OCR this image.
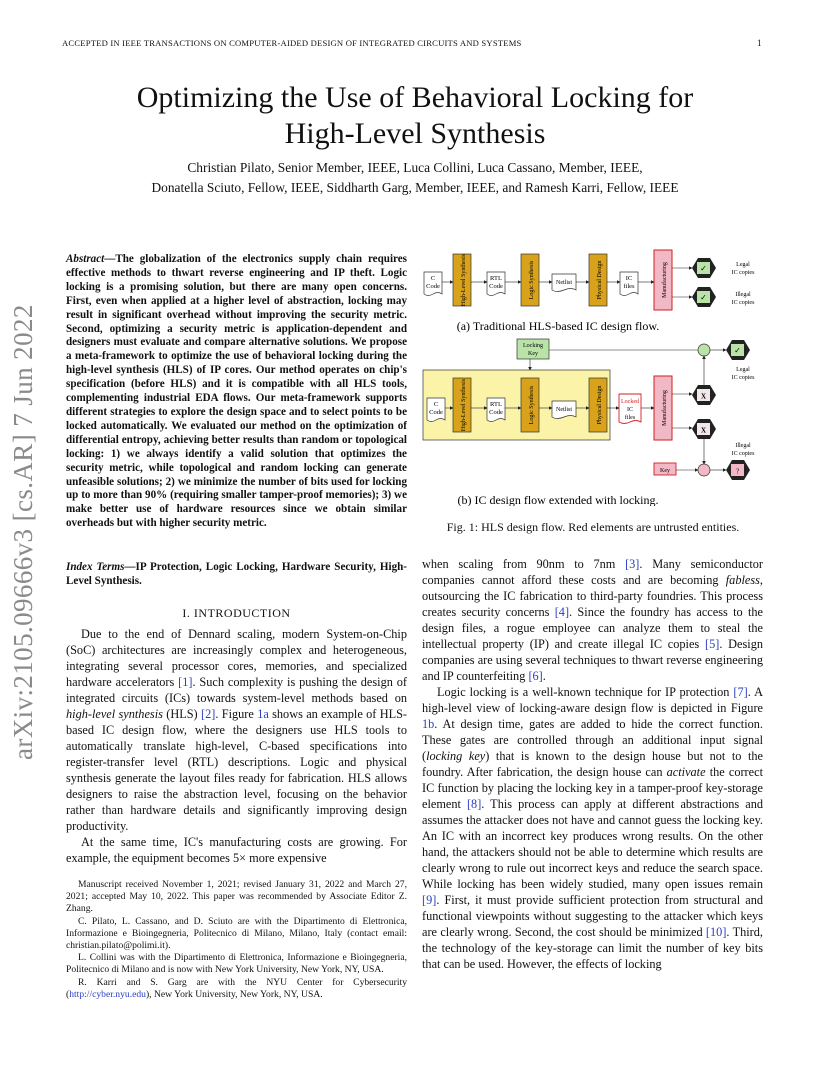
ACCEPTED IN IEEE TRANSACTIONS ON COMPUTER-AIDED DESIGN OF INTEGRATED CIRCUITS AND SYSTEMS	1
Optimizing the Use of Behavioral Locking for
High-Level Synthesis
Christian Pilato, Senior Member, IEEE, Luca Collini, Luca Cassano, Member, IEEE,
Donatella Sciuto, Fellow, IEEE, Siddharth Garg, Member, IEEE, and Ramesh Karri, Fellow, IEEE
arXiv:2105.09666v3 [cs.AR] 7 Jun 2022
Abstract—The globalization of the electronics supply chain requires effective methods to thwart reverse engineering and IP theft. Logic locking is a promising solution, but there are many open concerns. First, even when applied at a higher level of abstraction, locking may result in significant overhead without improving the security metric. Second, optimizing a security metric is application-dependent and designers must evaluate and compare alternative solutions. We propose a meta-framework to optimize the use of behavioral locking during the high-level synthesis (HLS) of IP cores. Our method operates on chip's specification (before HLS) and it is compatible with all HLS tools, complementing industrial EDA flows. Our meta-framework supports different strategies to explore the design space and to select points to be locked automatically. We evaluated our method on the optimization of differential entropy, achieving better results than random or topological locking: 1) we always identify a valid solution that optimizes the security metric, while topological and random locking can generate unfeasible solutions; 2) we minimize the number of bits used for locking up to more than 90% (requiring smaller tamper-proof memories); 3) we make better use of hardware resources since we obtain similar overheads but with higher security metric.
Index Terms—IP Protection, Logic Locking, Hardware Security, High-Level Synthesis.
I. INTRODUCTION

Due to the end of Dennard scaling, modern System-on-Chip (SoC) architectures are increasingly complex and heterogeneous, integrating several processor cores, memories, and specialized hardware accelerators [1]. Such complexity is pushing the design of integrated circuits (ICs) towards system-level methods based on high-level synthesis (HLS) [2]. Figure 1a shows an example of HLS-based IC design flow, where the designers use HLS tools to automatically translate high-level, C-based specifications into register-transfer level (RTL) descriptions. Logic and physical synthesis generate the layout files ready for fabrication. HLS allows designers to raise the abstraction level, focusing on the behavior rather than hardware details and significantly improving design productivity.

At the same time, IC's manufacturing costs are growing. For example, the equipment becomes 5× more expensive

Manuscript received November 1, 2021; revised January 31, 2022 and March 27, 2021; accepted May 10, 2022. This paper was recommended by Associate Editor Z. Zhang.

C. Pilato, L. Cassano, and D. Sciuto are with the Dipartimento di Elettronica, Informazione e Bioingegneria, Politecnico di Milano, Milano, Italy (contact email: christian.pilato@polimi.it).

L. Collini was with the Dipartimento di Elettronica, Informazione e Bioingegneria, Politecnico di Milano and is now with New York University, New York, NY, USA.

R. Karri and S. Garg are with the NYU Center for Cybersecurity (http://cyber.nyu.edu), New York University, New York, NY, USA.

when scaling from 90nm to 7nm [3]. Many semiconductor companies cannot afford these costs and are becoming fabless, outsourcing the IC fabrication to third-party foundries. This process creates security concerns [4]. Since the foundry has access to the design files, a rogue employee can analyze them to steal the intellectual property (IP) and create illegal IC copies [5]. Design companies are using several techniques to thwart reverse engineering and IP counterfeiting [6].

Logic locking is a well-known technique for IP protection [7]. A high-level view of locking-aware design flow is depicted in Figure 1b. At design time, gates are added to hide the correct function. These gates are controlled through an additional input signal (locking key) that is known to the design house but not to the foundry. After fabrication, the design house can activate the correct IC function by placing the locking key in a tamper-proof key-storage element [8]. This process can apply at different abstractions and assumes the attacker does not have and cannot guess the locking key. An IC with an incorrect key produces wrong results. On the other hand, the attackers should not be able to determine which results are clearly wrong to rule out incorrect keys and reduce the search space. While locking has been widely studied, many open issues remain [9]. First, it must provide sufficient protection from structural and functional viewpoints without suggesting to the attacker which keys are clearly wrong. Second, the cost should be minimized [10]. Third, the technology of the key-storage can limit the number of key bits that can be used. However, the effects of locking

C
Code	High-Level Synthesis	RTL
Code	Logic Synthesis	Netlist	Physical Design	IC
files	Manufacturing	✓
✓
Legal
IC copies
Illegal
IC copies
(a) Traditional HLS-based IC design flow.
Locking
Key
C
Code	High-Level Synthesis	RTL
Code	Logic Synthesis	Netlist	Physical Design	Locked
IC
files	Manufacturing	X
X
✓
Legal
IC copies
Key	?
Illegal
IC copies
(b) IC design flow extended with locking.
Fig. 1: HLS design flow. Red elements are untrusted entities.
